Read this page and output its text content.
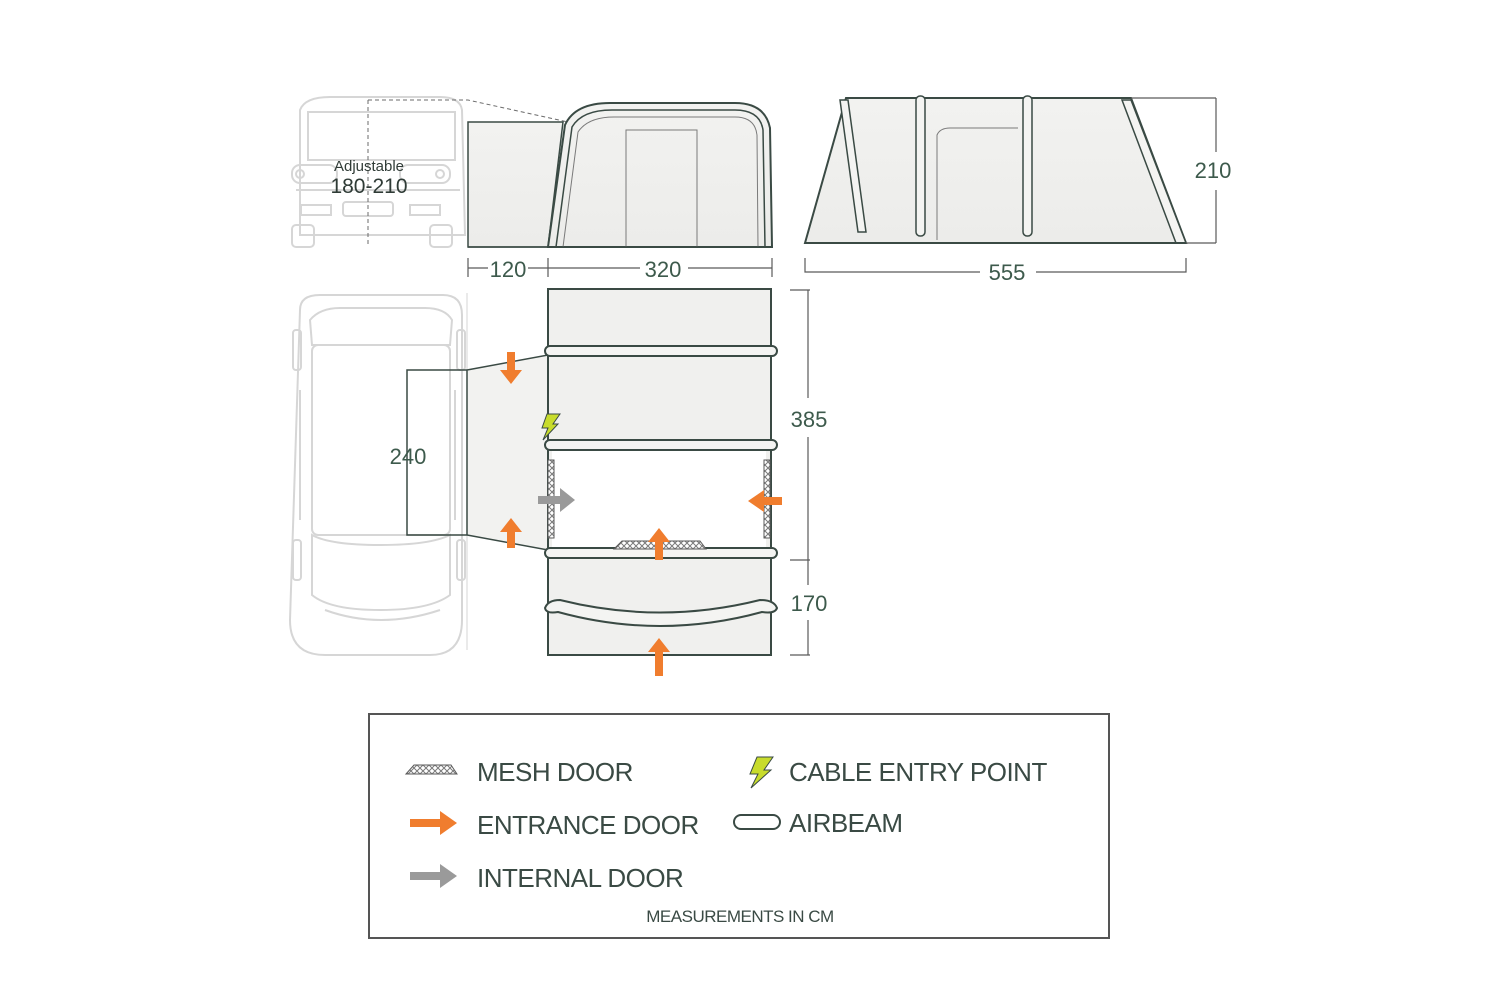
Adjustable
180-210
120	320
210
555
240
385
170
MESH DOOR
ENTRANCE DOOR
INTERNAL DOOR
CABLE ENTRY POINT
AIRBEAM
MEASUREMENTS IN CM
